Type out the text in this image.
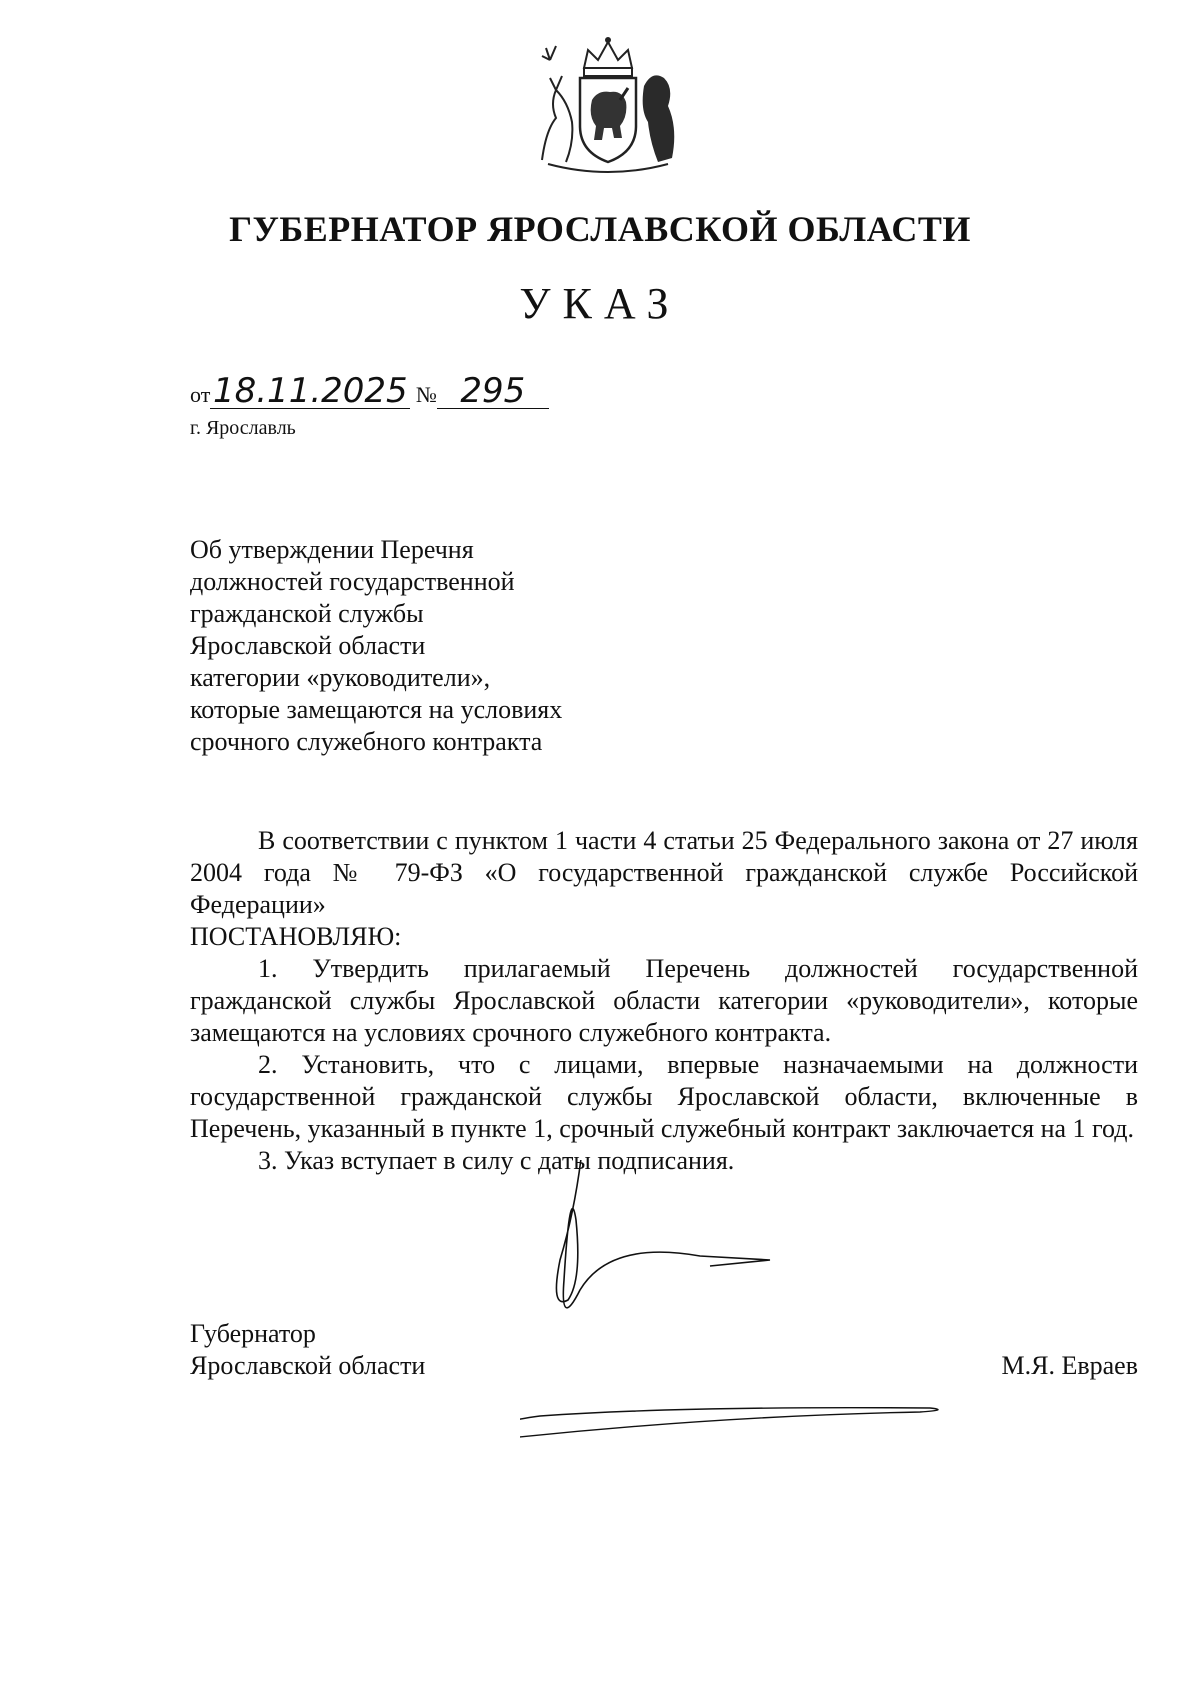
ГУБЕРНАТОР ЯРОСЛАВСКОЙ ОБЛАСТИ
УКАЗ
от18.11.2025 № 295
г. Ярославль
Об утверждении Перечня
должностей государственной
гражданской службы
Ярославской области
категории «руководители»,
которые замещаются на условиях
срочного служебного контракта

В соответствии с пунктом 1 части 4 статьи 25 Федерального закона от 27 июля 2004 года № 79-ФЗ «О государственной гражданской службе Российской Федерации»

ПОСТАНОВЛЯЮ:

1. Утвердить прилагаемый Перечень должностей государственной гражданской службы Ярославской области категории «руководители», которые замещаются на условиях срочного служебного контракта.

2. Установить, что с лицами, впервые назначаемыми на должности государственной гражданской службы Ярославской области, включенные в Перечень, указанный в пункте 1, срочный служебный контракт заключается на 1 год.

3. Указ вступает в силу с даты подписания.

Губернатор
Ярославской области	М.Я. Евраев
